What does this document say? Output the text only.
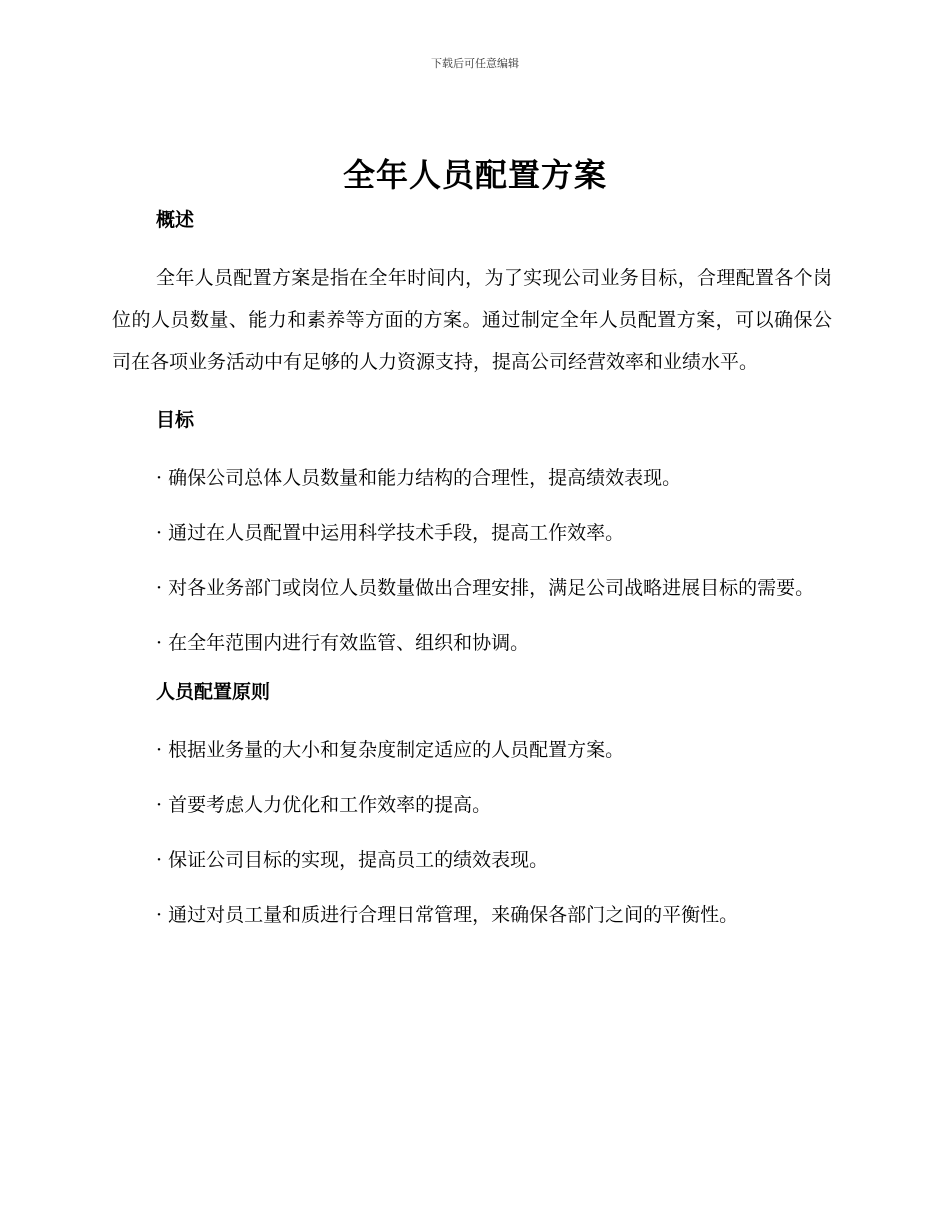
下载后可任意编辑
全年人员配置方案
概述

全年人员配置方案是指在全年时间内，为了实现公司业务目标，合理配置各个岗位的人员数量、能力和素养等方面的方案。通过制定全年人员配置方案，可以确保公司在各项业务活动中有足够的人力资源支持，提高公司经营效率和业绩水平。

目标

· 确保公司总体人员数量和能力结构的合理性，提高绩效表现。

· 通过在人员配置中运用科学技术手段，提高工作效率。

· 对各业务部门或岗位人员数量做出合理安排，满足公司战略进展目标的需要。

· 在全年范围内进行有效监管、组织和协调。

人员配置原则

· 根据业务量的大小和复杂度制定适应的人员配置方案。

· 首要考虑人力优化和工作效率的提高。

· 保证公司目标的实现，提高员工的绩效表现。

· 通过对员工量和质进行合理日常管理，来确保各部门之间的平衡性。
